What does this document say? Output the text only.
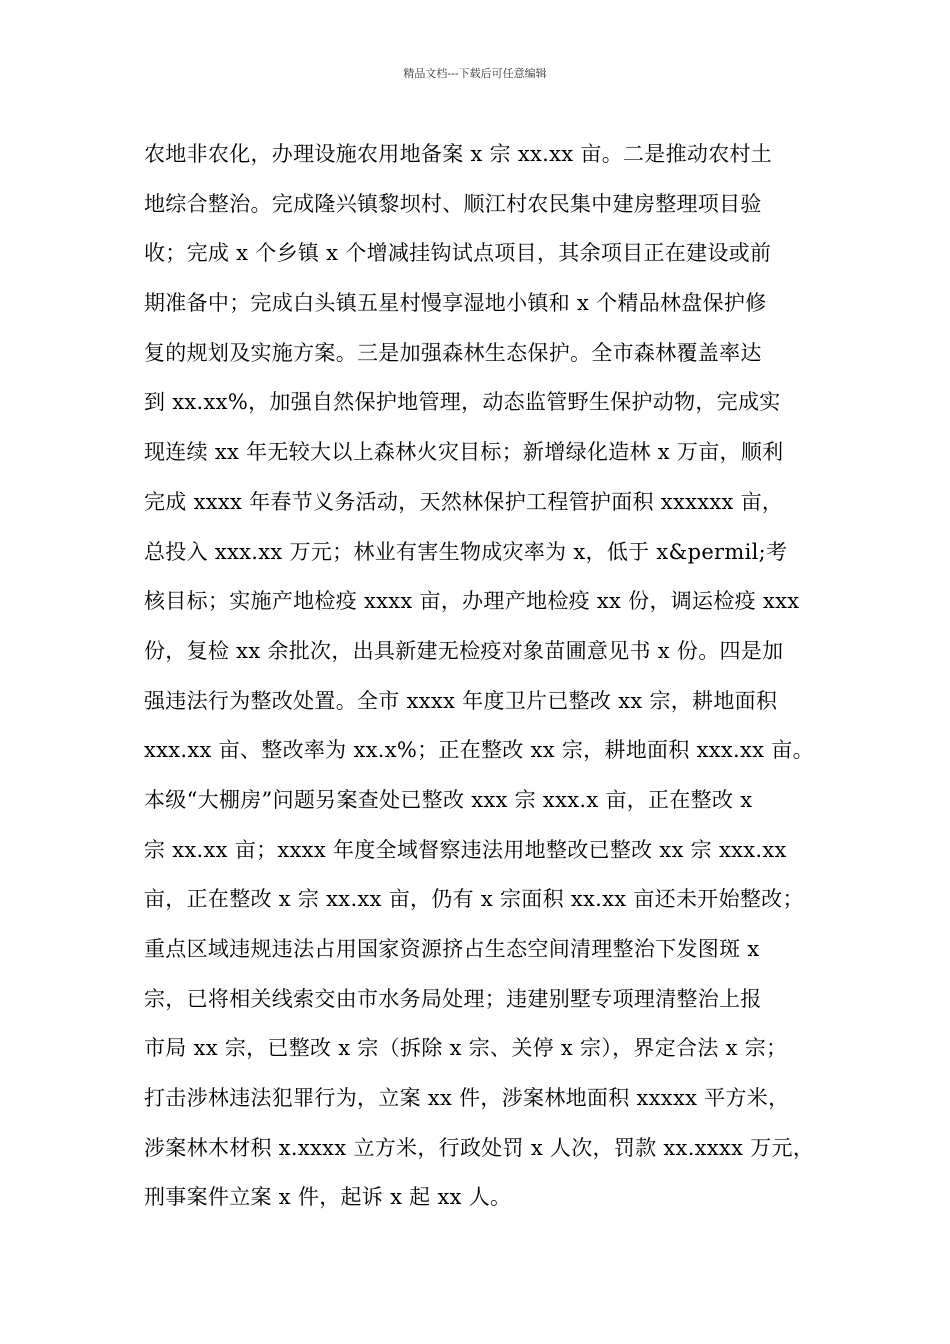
精品文档---下载后可任意编辑
农地非农化，办理设施农用地备案 x 宗 xx.xx 亩。二是推动农村土
地综合整治。完成隆兴镇黎坝村、顺江村农民集中建房整理项目验
收；完成 x 个乡镇 x 个增减挂钩试点项目，其余项目正在建设或前
期准备中；完成白头镇五星村慢享湿地小镇和 x 个精品林盘保护修
复的规划及实施方案。三是加强森林生态保护。全市森林覆盖率达
到 xx.xx%，加强自然保护地管理，动态监管野生保护动物，完成实
现连续 xx 年无较大以上森林火灾目标；新增绿化造林 x 万亩，顺利
完成 xxxx 年春节义务活动，天然林保护工程管护面积 xxxxxx 亩，
总投入 xxx.xx 万元；林业有害生物成灾率为 x，低于 x&permil;考
核目标；实施产地检疫 xxxx 亩，办理产地检疫 xx 份，调运检疫 xxx
份，复检 xx 余批次，出具新建无检疫对象苗圃意见书 x 份。四是加
强违法行为整改处置。全市 xxxx 年度卫片已整改 xx 宗，耕地面积
xxx.xx 亩、整改率为 xx.x%；正在整改 xx 宗，耕地面积 xxx.xx 亩。
本级“大棚房”问题另案查处已整改 xxx 宗 xxx.x 亩，正在整改 x
宗 xx.xx 亩；xxxx 年度全域督察违法用地整改已整改 xx 宗 xxx.xx
亩，正在整改 x 宗 xx.xx 亩，仍有 x 宗面积 xx.xx 亩还未开始整改；
重点区域违规违法占用国家资源挤占生态空间清理整治下发图斑 x
宗，已将相关线索交由市水务局处理；违建别墅专项理清整治上报
市局 xx 宗，已整改 x 宗（拆除 x 宗、关停 x 宗），界定合法 x 宗；
打击涉林违法犯罪行为，立案 xx 件，涉案林地面积 xxxxx 平方米，
涉案林木材积 x.xxxx 立方米，行政处罚 x 人次，罚款 xx.xxxx 万元，
刑事案件立案 x 件，起诉 x 起 xx 人。
